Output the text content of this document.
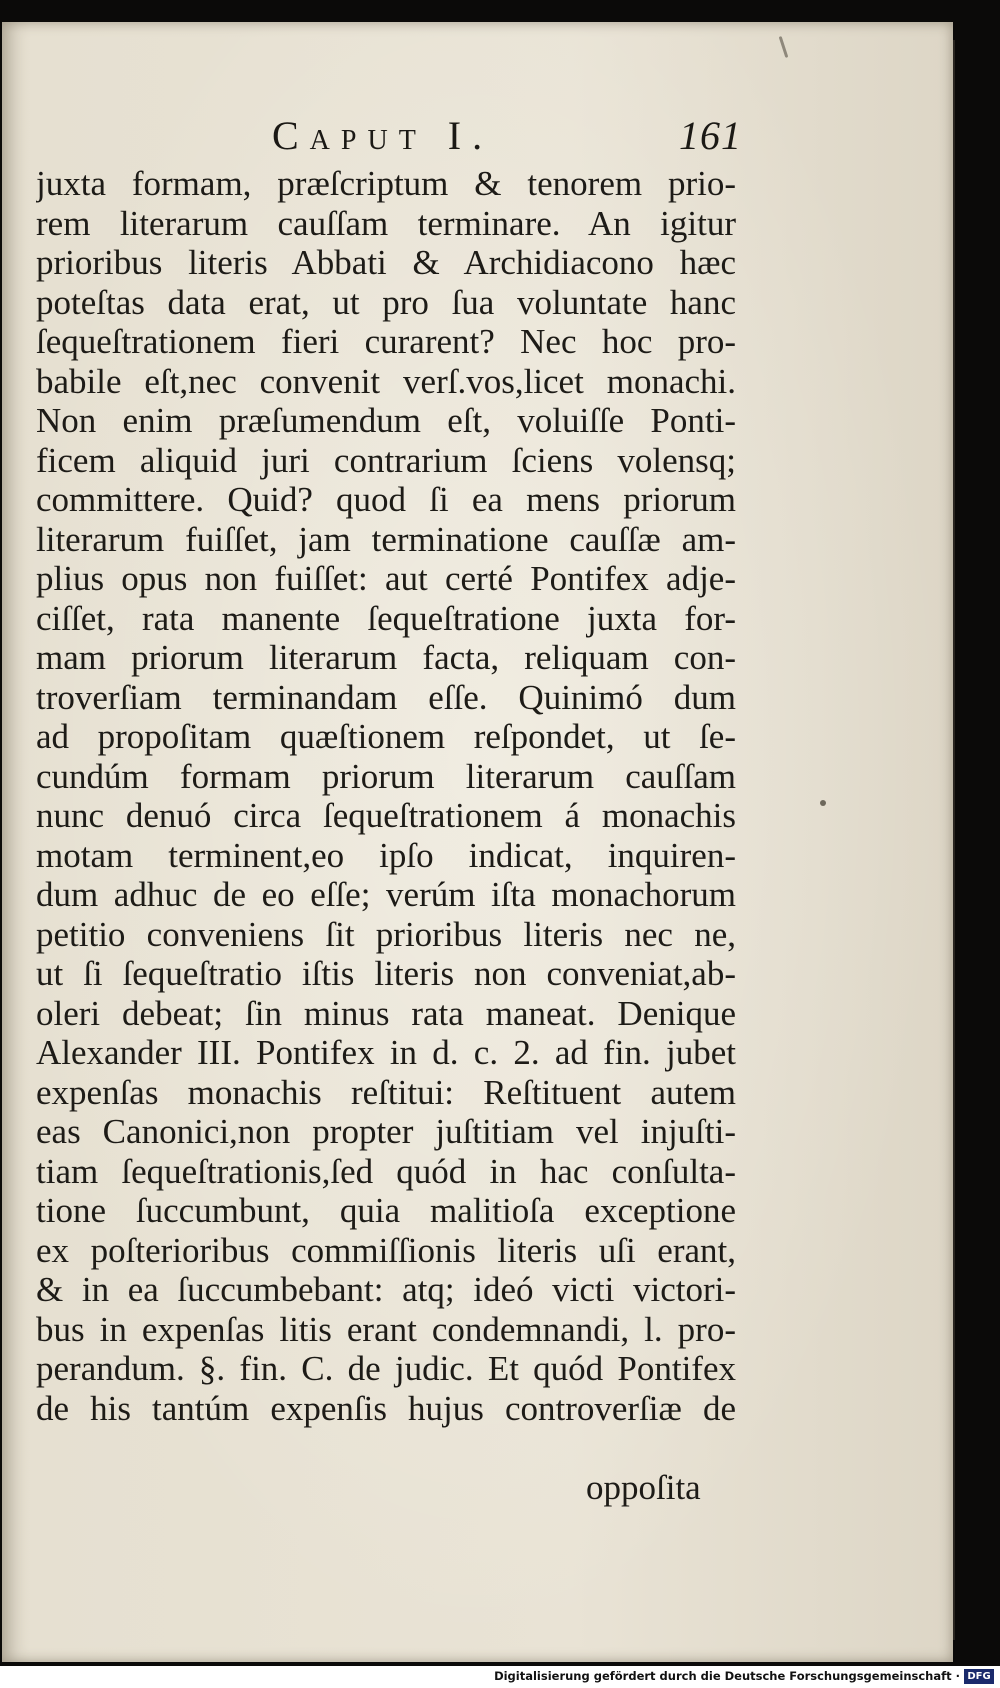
Caput I.	161
juxta formam, præſcriptum & tenorem prio-
rem literarum cauſſam terminare. An igitur
prioribus literis Abbati & Archidiacono hæc
poteſtas data erat, ut pro ſua voluntate hanc
ſequeſtrationem fieri curarent? Nec hoc pro-
babile eſt,nec convenit verſ.vos,licet monachi.
Non enim præſumendum eſt, voluiſſe Ponti-
ficem aliquid juri contrarium ſciens volensq;
committere. Quid? quod ſi ea mens priorum
literarum fuiſſet, jam terminatione cauſſæ am-
plius opus non fuiſſet: aut certé Pontifex adje-
ciſſet, rata manente ſequeſtratione juxta for-
mam priorum literarum facta, reliquam con-
troverſiam terminandam eſſe. Quinimó dum
ad propoſitam quæſtionem reſpondet, ut ſe-
cundúm formam priorum literarum cauſſam
nunc denuó circa ſequeſtrationem á monachis
motam terminent,eo ipſo indicat, inquiren-
dum adhuc de eo eſſe; verúm iſta monachorum
petitio conveniens ſit prioribus literis nec ne,
ut ſi ſequeſtratio iſtis literis non conveniat,ab-
oleri debeat; ſin minus rata maneat. Denique
Alexander III. Pontifex in d. c. 2. ad fin. jubet
expenſas monachis reſtitui: Reſtituent autem
eas Canonici,non propter juſtitiam vel injuſti-
tiam ſequeſtrationis,ſed quód in hac conſulta-
tione ſuccumbunt, quia malitioſa exceptione
ex poſterioribus commiſſionis literis uſi erant,
& in ea ſuccumbebant: atq; ideó victi victori-
bus in expenſas litis erant condemnandi, l. pro-
perandum. §. fin. C. de judic. Et quód Pontifex
de his tantúm expenſis hujus controverſiæ de
oppoſita
Digitalisierung gefördert durch die Deutsche Forschungsgemeinschaft · DFG
